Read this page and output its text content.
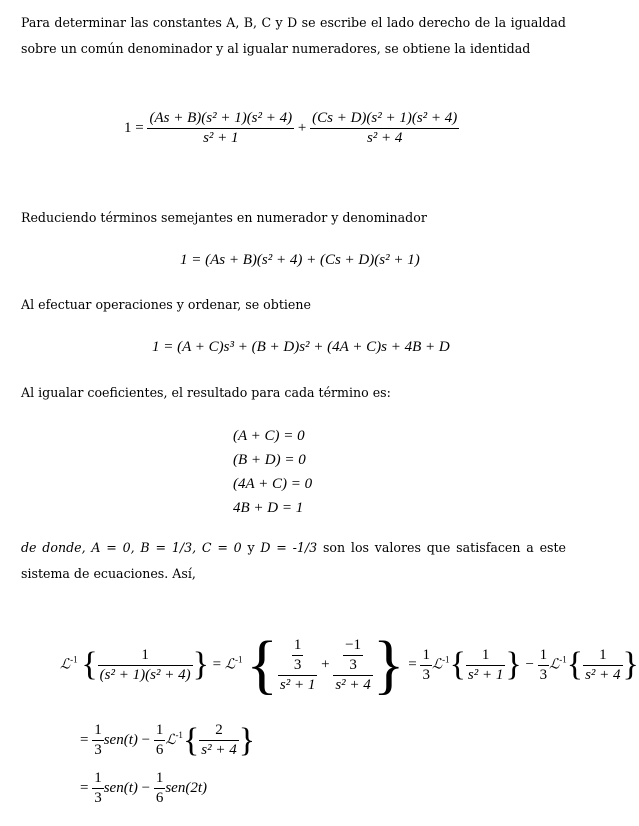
Para determinar las constantes A, B, C y D se escribe el lado derecho de la igualdad sobre un común denominador y al igualar numeradores, se obtiene la identidad
$1 = \frac{\text{(As + B)(s² + 1)(s² + 4)}}{\text{s² + 1}} + \frac{\text{(Cs + D)(s² + 1)(s² + 4)}}{\text{s² + 4}}$
Reduciendo términos semejantes en numerador y denominador
1 = (As + B)(s² + 4) + (Cs + D)(s² + 1)
Al efectuar operaciones y ordenar, se obtiene
1 = (A + C)s³ + (B + D)s² + (4A + C)s + 4B + D
Al igualar coeficientes, el resultado para cada término es:
(A + C) = 0
(B + D) = 0
(4A + C) = 0
4B + D = 1
de donde, A = 0, B = 1/3, C = 0 y D = -1/3 son los valores que satisfacen a este sistema de ecuaciones. Así,
ℒ$^{-1}$ { $\frac{1}{\text{(s² + 1)(s² + 4)}}$ } = ℒ$^{-1}$ { $\frac{\frac{1}{3}}{\text{s² + 1}} + \frac{\frac{-1}{3}}{\text{s² + 4}}$ } = $\frac{1}{3}$ ℒ$^{-1}${ $\frac{1}{\text{s² + 1}}$ } − $\frac{1}{3}$ ℒ$^{-1}${ $\frac{1}{\text{s² + 4}}$ }
= $\frac{1}{3} sen(t) - \frac{1}{6}$ ℒ$^{-1}${ $\frac{2}{\text{s² + 4}}$ }
= $\frac{1}{3} sen(t) - \frac{1}{6} sen(2t)$
